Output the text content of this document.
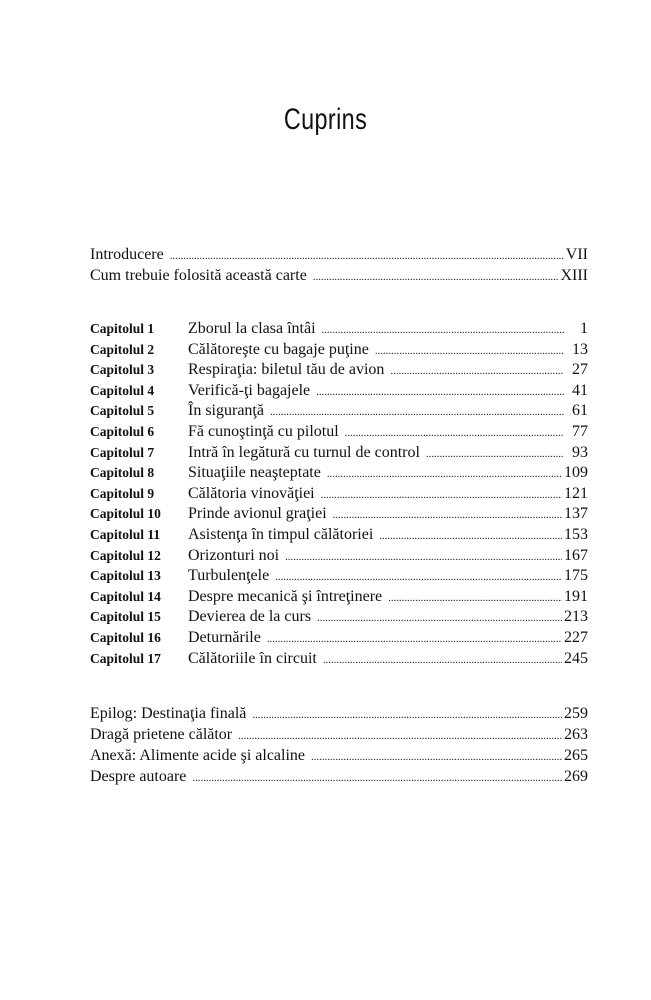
Cuprins
Introducere . . .	VII
Cum trebuie folosită această carte . . .	XIII
Capitolul 1	Zborul la clasa întâi . . .	1
Capitolul 2	Călătoreşte cu bagaje puţine . . .	13
Capitolul 3	Respiraţia: biletul tău de avion . . .	27
Capitolul 4	Verifică-ţi bagajele . . .	41
Capitolul 5	În siguranţă . . .	61
Capitolul 6	Fă cunoştinţă cu pilotul . . .	77
Capitolul 7	Intră în legătură cu turnul de control . . .	93
Capitolul 8	Situaţiile neaşteptate . . .	109
Capitolul 9	Călătoria vinovăţiei . . .	121
Capitolul 10	Prinde avionul graţiei . . .	137
Capitolul 11	Asistenţa în timpul călătoriei . . .	153
Capitolul 12	Orizonturi noi . . .	167
Capitolul 13	Turbulenţele . . .	175
Capitolul 14	Despre mecanică şi întreţinere . . .	191
Capitolul 15	Devierea de la curs . . .	213
Capitolul 16	Deturnările . . .	227
Capitolul 17	Călătoriile în circuit . . .	245
Epilog: Destinaţia finală . . .	259
Dragă prietene călător . . .	263
Anexă: Alimente acide şi alcaline . . .	265
Despre autoare . . .	269
